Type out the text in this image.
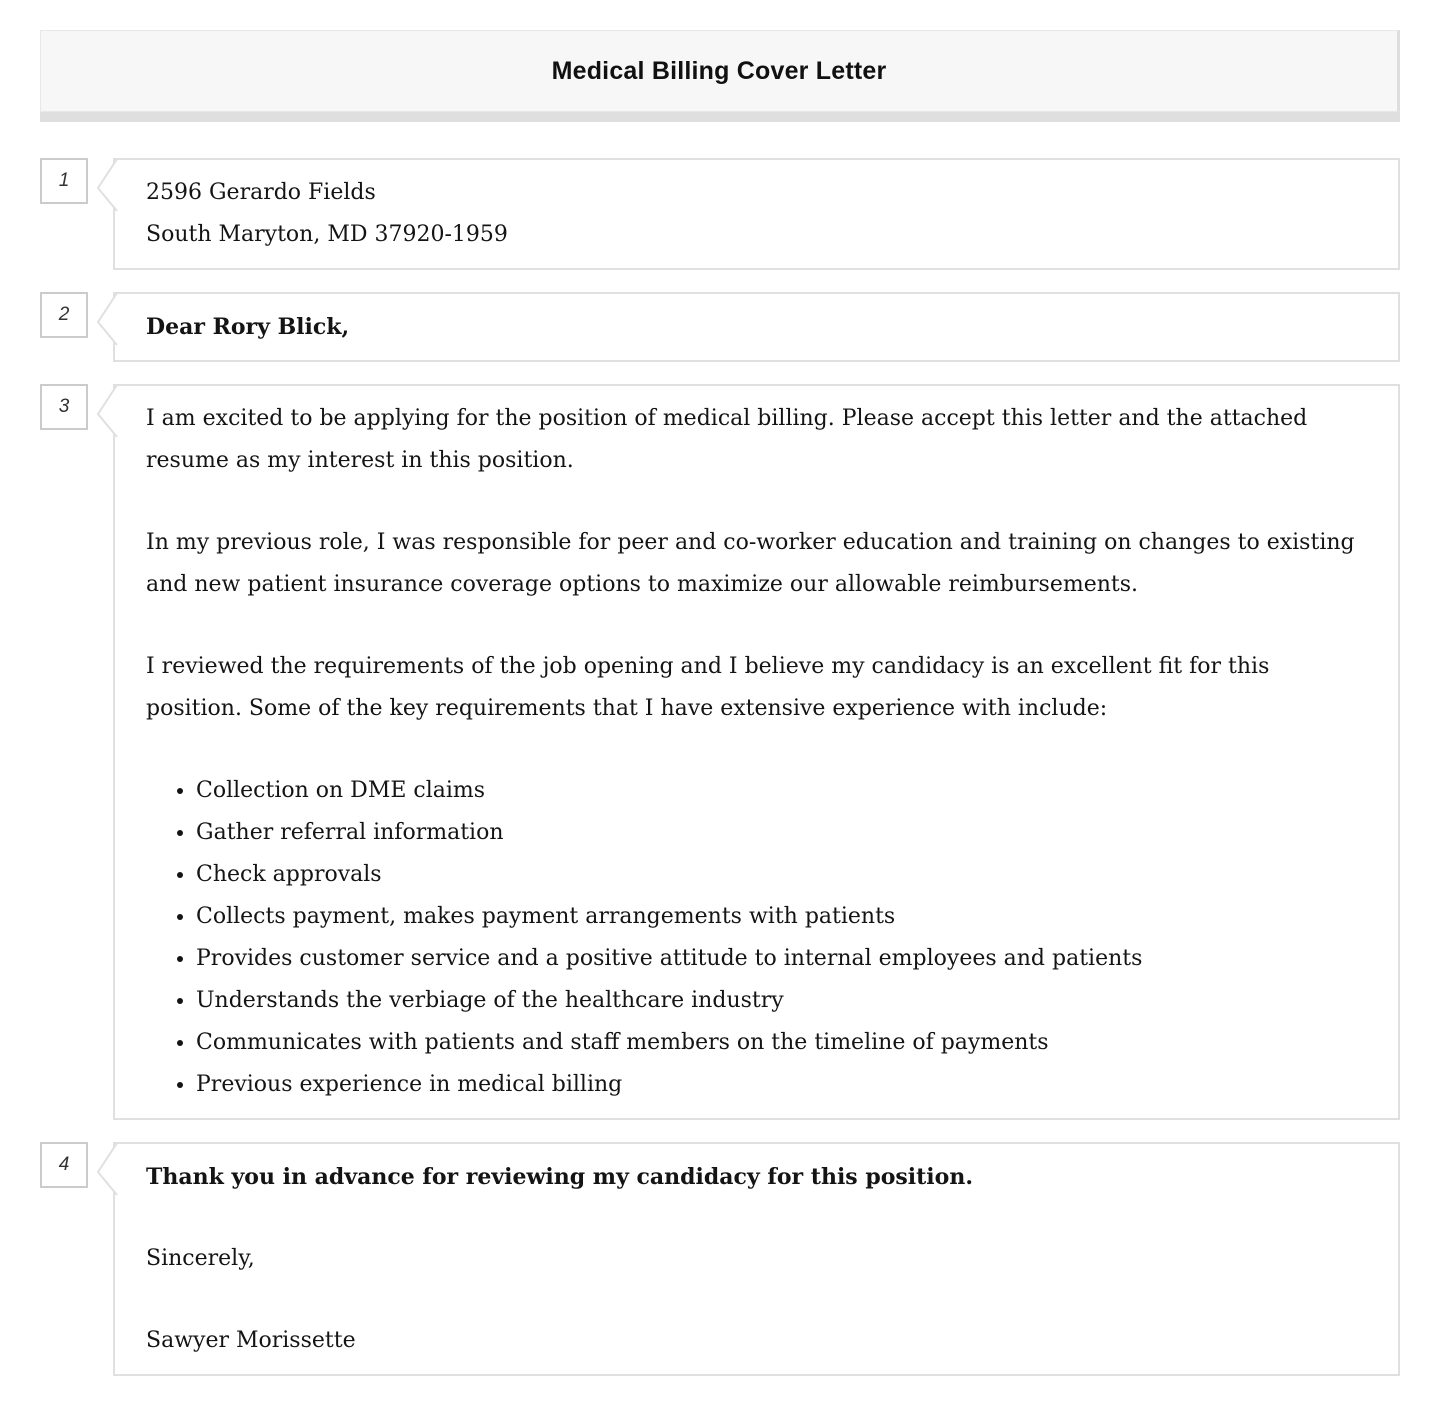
Medical Billing Cover Letter
1	2596 Gerardo Fields

South Maryton, MD 37920-1959

2	Dear Rory Blick,

3	I am excited to be applying for the position of medical billing. Please accept this letter and the attached resume as my interest in this position.

In my previous role, I was responsible for peer and co-worker education and training on changes to existing and new patient insurance coverage options to maximize our allowable reimbursements.

I reviewed the requirements of the job opening and I believe my candidacy is an excellent fit for this position. Some of the key requirements that I have extensive experience with include:

• Collection on DME claims
• Gather referral information
• Check approvals
• Collects payment, makes payment arrangements with patients
• Provides customer service and a positive attitude to internal employees and patients
• Understands the verbiage of the healthcare industry
• Communicates with patients and staff members on the timeline of payments
• Previous experience in medical billing
4	Thank you in advance for reviewing my candidacy for this position.

Sincerely,

Sawyer Morissette
